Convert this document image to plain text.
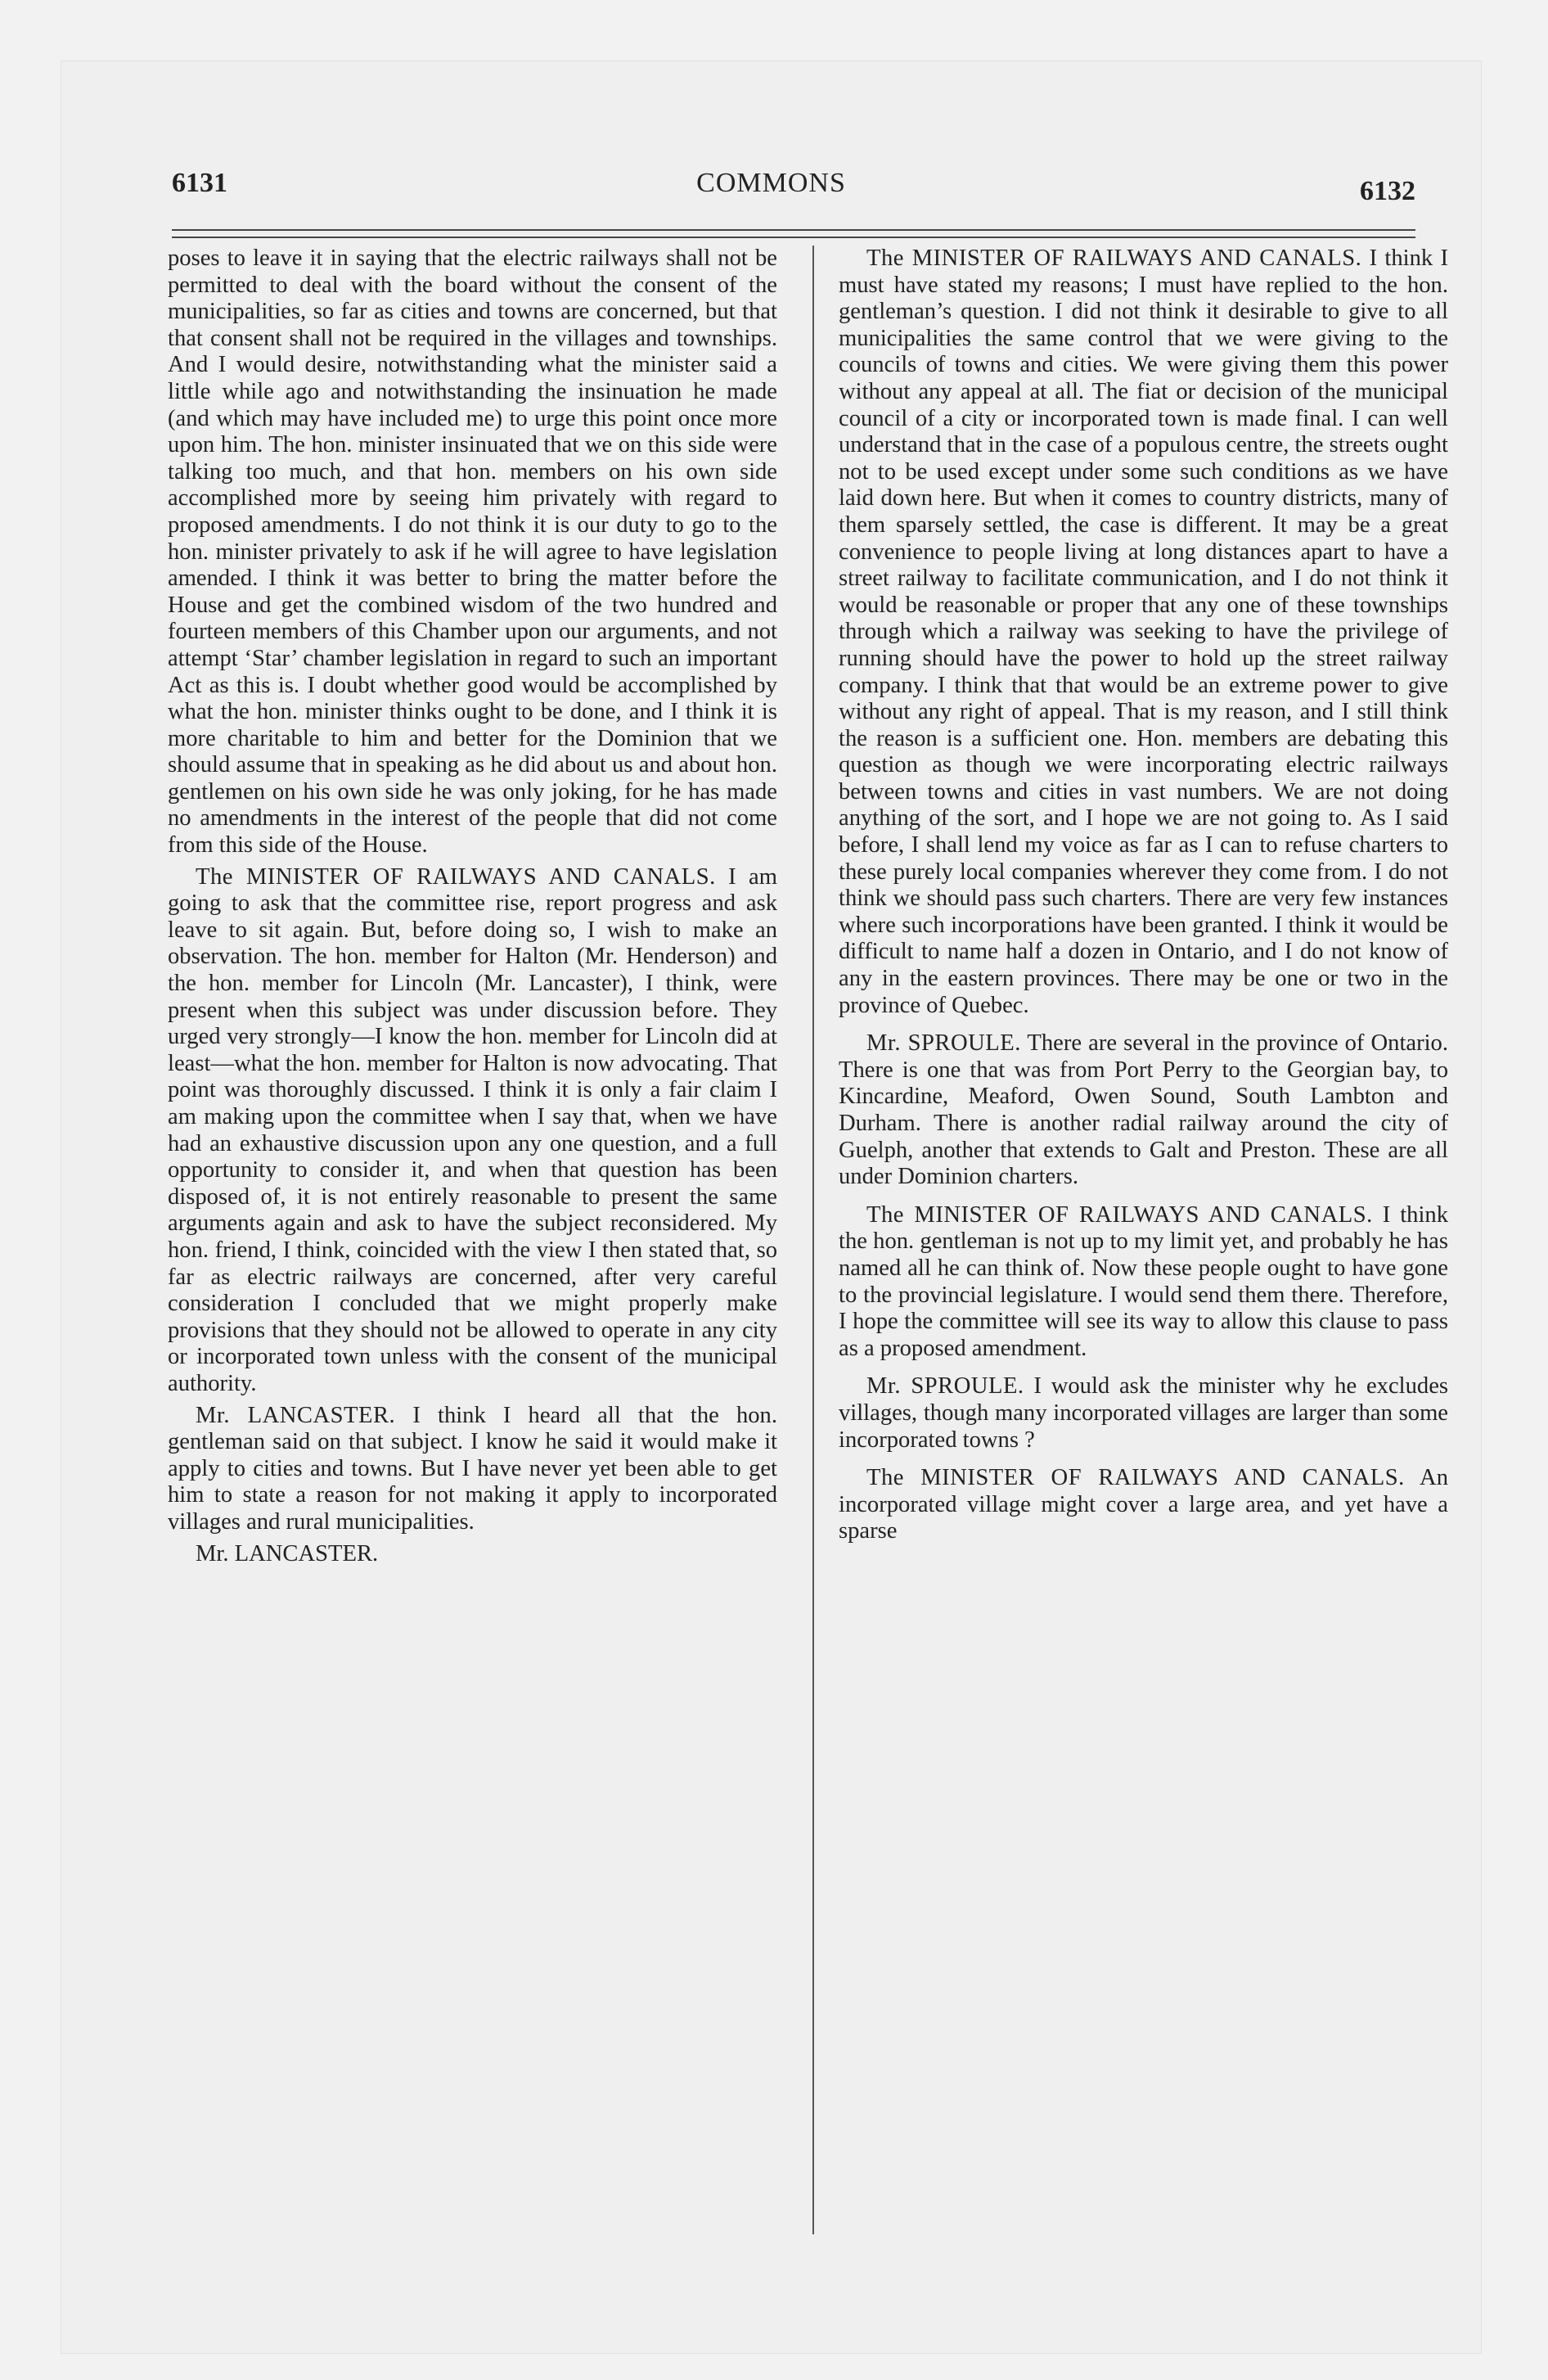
6131	COMMONS	6132

poses to leave it in saying that the electric railways shall not be permitted to deal with the board without the consent of the municipalities, so far as cities and towns are concerned, but that that consent shall not be required in the villages and townships. And I would desire, notwithstanding what the minister said a little while ago and notwithstanding the insinuation he made (and which may have included me) to urge this point once more upon him. The hon. minister insinuated that we on this side were talking too much, and that hon. members on his own side accomplished more by seeing him privately with regard to proposed amendments. I do not think it is our duty to go to the hon. minister privately to ask if he will agree to have legislation amended. I think it was better to bring the matter before the House and get the combined wisdom of the two hundred and fourteen members of this Chamber upon our arguments, and not attempt ‘Star’ chamber legislation in regard to such an important Act as this is. I doubt whether good would be accomplished by what the hon. minister thinks ought to be done, and I think it is more charitable to him and better for the Dominion that we should assume that in speaking as he did about us and about hon. gentlemen on his own side he was only joking, for he has made no amendments in the interest of the people that did not come from this side of the House.

The MINISTER OF RAILWAYS AND CANALS. I am going to ask that the committee rise, report progress and ask leave to sit again. But, before doing so, I wish to make an observation. The hon. member for Halton (Mr. Henderson) and the hon. member for Lincoln (Mr. Lancaster), I think, were present when this subject was under discussion before. They urged very strongly—I know the hon. member for Lincoln did at least—what the hon. member for Halton is now advocating. That point was thoroughly discussed. I think it is only a fair claim I am making upon the committee when I say that, when we have had an exhaustive discussion upon any one question, and a full opportunity to consider it, and when that question has been disposed of, it is not entirely reasonable to present the same arguments again and ask to have the subject reconsidered. My hon. friend, I think, coincided with the view I then stated that, so far as electric railways are concerned, after very careful consideration I concluded that we might properly make provisions that they should not be allowed to operate in any city or incorporated town unless with the consent of the municipal authority.

Mr. LANCASTER. I think I heard all that the hon. gentleman said on that subject. I know he said it would make it apply to cities and towns. But I have never yet been able to get him to state a reason for not making it apply to incorporated villages and rural municipalities.

Mr. LANCASTER.

The MINISTER OF RAILWAYS AND CANALS. I think I must have stated my reasons; I must have replied to the hon. gentleman’s question. I did not think it desirable to give to all municipalities the same control that we were giving to the councils of towns and cities. We were giving them this power without any appeal at all. The fiat or decision of the municipal council of a city or incorporated town is made final. I can well understand that in the case of a populous centre, the streets ought not to be used except under some such conditions as we have laid down here. But when it comes to country districts, many of them sparsely settled, the case is different. It may be a great convenience to people living at long distances apart to have a street railway to facilitate communication, and I do not think it would be reasonable or proper that any one of these townships through which a railway was seeking to have the privilege of running should have the power to hold up the street railway company. I think that that would be an extreme power to give without any right of appeal. That is my reason, and I still think the reason is a sufficient one. Hon. members are debating this question as though we were incorporating electric railways between towns and cities in vast numbers. We are not doing anything of the sort, and I hope we are not going to. As I said before, I shall lend my voice as far as I can to refuse charters to these purely local companies wherever they come from. I do not think we should pass such charters. There are very few instances where such incorporations have been granted. I think it would be difficult to name half a dozen in Ontario, and I do not know of any in the eastern provinces. There may be one or two in the province of Quebec.

Mr. SPROULE. There are several in the province of Ontario. There is one that was from Port Perry to the Georgian bay, to Kincardine, Meaford, Owen Sound, South Lambton and Durham. There is another radial railway around the city of Guelph, another that extends to Galt and Preston. These are all under Dominion charters.

The MINISTER OF RAILWAYS AND CANALS. I think the hon. gentleman is not up to my limit yet, and probably he has named all he can think of. Now these people ought to have gone to the provincial legislature. I would send them there. Therefore, I hope the committee will see its way to allow this clause to pass as a proposed amendment.

Mr. SPROULE. I would ask the minister why he excludes villages, though many incorporated villages are larger than some incorporated towns ?

The MINISTER OF RAILWAYS AND CANALS. An incorporated village might cover a large area, and yet have a sparse
